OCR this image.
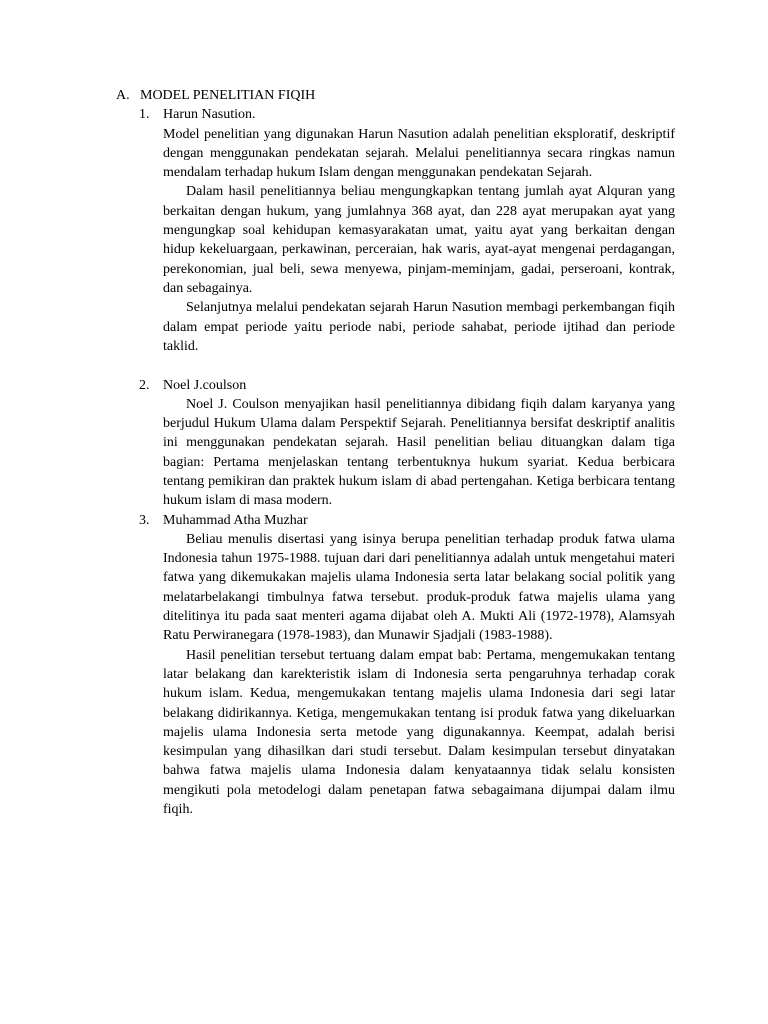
A. MODEL PENELITIAN FIQIH
1. Harun Nasution.

Model penelitian yang digunakan Harun Nasution adalah penelitian eksploratif, deskriptif dengan menggunakan pendekatan sejarah. Melalui penelitiannya secara ringkas namun mendalam terhadap hukum Islam dengan menggunakan pendekatan Sejarah.

Dalam hasil penelitiannya beliau mengungkapkan tentang jumlah ayat Alquran yang berkaitan dengan hukum, yang jumlahnya 368 ayat, dan 228 ayat merupakan ayat yang mengungkap soal kehidupan kemasyarakatan umat, yaitu ayat yang berkaitan dengan hidup kekeluargaan, perkawinan, perceraian, hak waris, ayat-ayat mengenai perdagangan, perekonomian, jual beli, sewa menyewa, pinjam-meminjam, gadai, perseroani, kontrak, dan sebagainya.

Selanjutnya melalui pendekatan sejarah Harun Nasution membagi perkembangan fiqih dalam empat periode yaitu periode nabi, periode sahabat, periode ijtihad dan periode taklid.

2. Noel J.coulson

Noel J. Coulson menyajikan hasil penelitiannya dibidang fiqih dalam karyanya yang berjudul Hukum Ulama dalam Perspektif Sejarah. Penelitiannya bersifat deskriptif analitis ini menggunakan pendekatan sejarah. Hasil penelitian beliau dituangkan dalam tiga bagian: Pertama menjelaskan tentang terbentuknya hukum syariat. Kedua berbicara tentang pemikiran dan praktek hukum islam di abad pertengahan. Ketiga berbicara tentang hukum islam di masa modern.

3. Muhammad Atha Muzhar

Beliau menulis disertasi yang isinya berupa penelitian terhadap produk fatwa ulama Indonesia tahun 1975-1988. tujuan dari dari penelitiannya adalah untuk mengetahui materi fatwa yang dikemukakan majelis ulama Indonesia serta latar belakang social politik yang melatarbelakangi timbulnya fatwa tersebut. produk-produk fatwa majelis ulama yang ditelitinya itu pada saat menteri agama dijabat oleh A. Mukti Ali (1972-1978), Alamsyah Ratu Perwiranegara (1978-1983), dan Munawir Sjadjali (1983-1988).

Hasil penelitian tersebut tertuang dalam empat bab: Pertama, mengemukakan tentang latar belakang dan karekteristik islam di Indonesia serta pengaruhnya terhadap corak hukum islam. Kedua, mengemukakan tentang majelis ulama Indonesia dari segi latar belakang didirikannya. Ketiga, mengemukakan tentang isi produk fatwa yang dikeluarkan majelis ulama Indonesia serta metode yang digunakannya. Keempat, adalah berisi kesimpulan yang dihasilkan dari studi tersebut. Dalam kesimpulan tersebut dinyatakan bahwa fatwa majelis ulama Indonesia dalam kenyataannya tidak selalu konsisten mengikuti pola metodelogi dalam penetapan fatwa sebagaimana dijumpai dalam ilmu fiqih.
